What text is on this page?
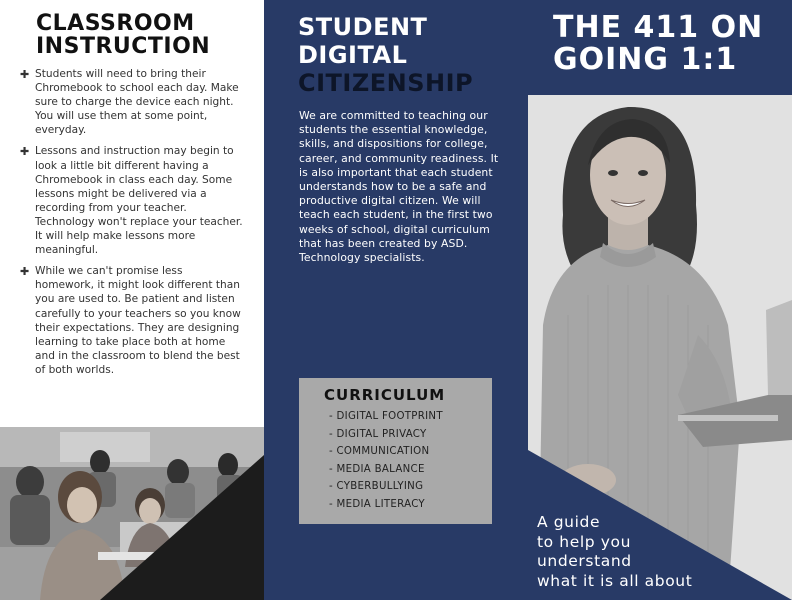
CLASSROOM INSTRUCTION
✚ Students will need to bring their Chromebook to school each day. Make sure to charge the device each night. You will use them at some point, everyday.
✚ Lessons and instruction may begin to look a little bit different having a Chromebook in class each day. Some lessons might be delivered via a recording from your teacher. Technology won't replace your teacher. It will help make lessons more meaningful.
✚ While we can't promise less homework, it might look different than you are used to. Be patient and listen carefully to your teachers so you know their expectations. They are designing learning to take place both at home and in the classroom to blend the best of both worlds.
STUDENT
DIGITAL
CITIZENSHIP

We are committed to teaching our students the essential knowledge, skills, and dispositions for college, career, and community readiness. It is also important that each student understands how to be a safe and productive digital citizen. We will teach each student, in the first two weeks of school, digital curriculum that has been created by ASD. Technology specialists.

CURRICULUM
- DIGITAL FOOTPRINT
- DIGITAL PRIVACY
- COMMUNICATION
- MEDIA BALANCE
- CYBERBULLYING
- MEDIA LITERACY
THE 411 ON GOING 1:1
A guide
to help you
understand
what it is all about
